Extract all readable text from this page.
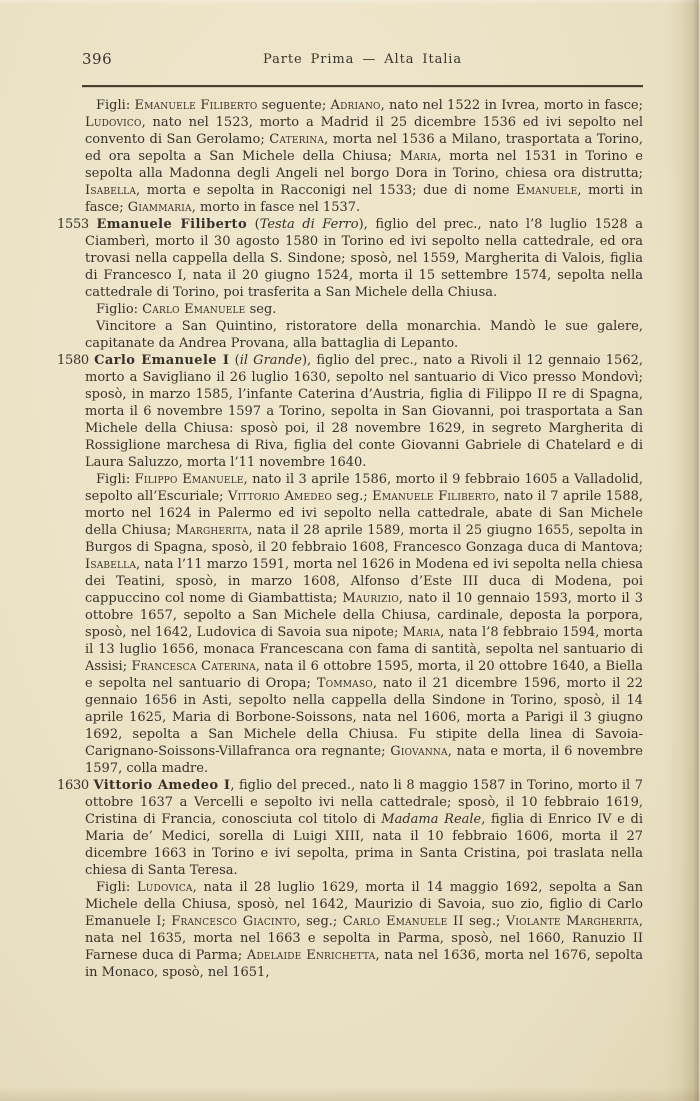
396	Parte Prima — Alta Italia

Figli: Emanuele Filiberto seguente; Adriano, nato nel 1522 in Ivrea, morto in fasce; Ludovico, nato nel 1523, morto a Madrid il 25 dicembre 1536 ed ivi sepolto nel convento di San Gerolamo; Caterina, morta nel 1536 a Milano, trasportata a Torino, ed ora sepolta a San Michele della Chiusa; Maria, morta nel 1531 in Torino e sepolta alla Madonna degli Angeli nel borgo Dora in Torino, chiesa ora distrutta; Isabella, morta e sepolta in Racconigi nel 1533; due di nome Emanuele, morti in fasce; Giammaria, morto in fasce nel 1537.

1553 Emanuele Filiberto (Testa di Ferro), figlio del prec., nato l’8 luglio 1528 a Ciamberì, morto il 30 agosto 1580 in Torino ed ivi sepolto nella cattedrale, ed ora trovasi nella cappella della S. Sindone; sposò, nel 1559, Margherita di Valois, figlia di Francesco I, nata il 20 giugno 1524, morta il 15 settembre 1574, sepolta nella cattedrale di Torino, poi trasferita a San Michele della Chiusa.

Figlio: Carlo Emanuele seg.

Vincitore a San Quintino, ristoratore della monarchia. Mandò le sue galere, capitanate da Andrea Provana, alla battaglia di Lepanto.

1580 Carlo Emanuele I (il Grande), figlio del prec., nato a Rivoli il 12 gennaio 1562, morto a Savigliano il 26 luglio 1630, sepolto nel santuario di Vico presso Mondovì; sposò, in marzo 1585, l’infante Caterina d’Austria, figlia di Filippo II re di Spagna, morta il 6 novembre 1597 a Torino, sepolta in San Giovanni, poi trasportata a San Michele della Chiusa: sposò poi, il 28 novembre 1629, in segreto Margherita di Rossiglione marchesa di Riva, figlia del conte Giovanni Gabriele di Chatelard e di Laura Saluzzo, morta l’11 novembre 1640.

Figli: Filippo Emanuele, nato il 3 aprile 1586, morto il 9 febbraio 1605 a Valladolid, sepolto all’Escuriale; Vittorio Amedeo seg.; Emanuele Filiberto, nato il 7 aprile 1588, morto nel 1624 in Palermo ed ivi sepolto nella cattedrale, abate di San Michele della Chiusa; Margherita, nata il 28 aprile 1589, morta il 25 giugno 1655, sepolta in Burgos di Spagna, sposò, il 20 febbraio 1608, Francesco Gonzaga duca di Mantova; Isabella, nata l’11 marzo 1591, morta nel 1626 in Modena ed ivi sepolta nella chiesa dei Teatini, sposò, in marzo 1608, Alfonso d’Este III duca di Modena, poi cappuccino col nome di Giambattista; Maurizio, nato il 10 gennaio 1593, morto il 3 ottobre 1657, sepolto a San Michele della Chiusa, cardinale, deposta la porpora, sposò, nel 1642, Ludovica di Savoia sua nipote; Maria, nata l’8 febbraio 1594, morta il 13 luglio 1656, monaca Francescana con fama di santità, sepolta nel santuario di Assisi; Francesca Caterina, nata il 6 ottobre 1595, morta, il 20 ottobre 1640, a Biella e sepolta nel santuario di Oropa; Tommaso, nato il 21 dicembre 1596, morto il 22 gennaio 1656 in Asti, sepolto nella cappella della Sindone in Torino, sposò, il 14 aprile 1625, Maria di Borbone-Soissons, nata nel 1606, morta a Parigi il 3 giugno 1692, sepolta a San Michele della Chiusa. Fu stipite della linea di Savoia-Carignano-Soissons-Villafranca ora regnante; Giovanna, nata e morta, il 6 novembre 1597, colla madre.

1630 Vittorio Amedeo I, figlio del preced., nato li 8 maggio 1587 in Torino, morto il 7 ottobre 1637 a Vercelli e sepolto ivi nella cattedrale; sposò, il 10 febbraio 1619, Cristina di Francia, conosciuta col titolo di Madama Reale, figlia di Enrico IV e di Maria de’ Medici, sorella di Luigi XIII, nata il 10 febbraio 1606, morta il 27 dicembre 1663 in Torino e ivi sepolta, prima in Santa Cristina, poi traslata nella chiesa di Santa Teresa.

Figli: Ludovica, nata il 28 luglio 1629, morta il 14 maggio 1692, sepolta a San Michele della Chiusa, sposò, nel 1642, Maurizio di Savoia, suo zio, figlio di Carlo Emanuele I; Francesco Giacinto, seg.; Carlo Emanuele II seg.; Violante Margherita, nata nel 1635, morta nel 1663 e sepolta in Parma, sposò, nel 1660, Ranuzio II Farnese duca di Parma; Adelaide Enrichetta, nata nel 1636, morta nel 1676, sepolta in Monaco, sposò, nel 1651,
